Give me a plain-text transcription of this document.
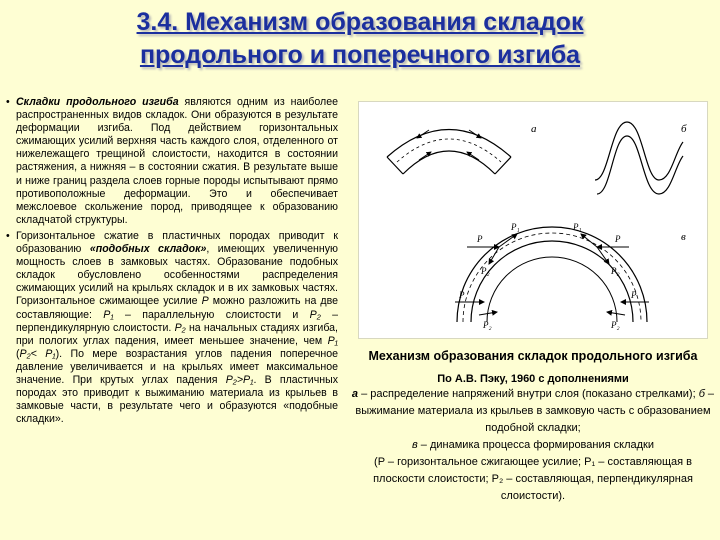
3.4. Механизм образования складок
продольного и поперечного изгиба
• Складки продольного изгиба являются одним из наиболее распространенных видов складок. Они образуются в результате деформации изгиба. Под действием горизонтальных сжимающих усилий верхняя часть каждого слоя, отделенного от нижележащего трещиной слоистости, находится в состоянии растяжения, а нижняя – в состоянии сжатия. В результате выше и ниже границ раздела слоев горные породы испытывают прямо противоположные деформации. Это и обеспечивает межслоевое скольжение пород, приводящее к образованию складчатой структуры.
• Горизонтальное сжатие в пластичных породах приводит к образованию «подобных складок», имеющих увеличенную мощность слоев в замковых частях. Образование подобных складок обусловлено особенностями распределения сжимающих усилий на крыльях складок и в их замковых частях. Горизонтальное сжимающее усилие P можно разложить на две составляющие: P₁ – параллельную слоистости и P₂ – перпендикулярную слоистости. P₂ на начальных стадиях изгиба, при пологих углах падения, имеет меньшее значение, чем P₁ (P₂< P₁). По мере возрастания углов падения поперечное давление увеличивается и на крыльях имеет максимальное значение. При крутых углах падения P₂>P₁. В пластичных породах это приводит к выжиманию материала из крыльев в замковые части, в результате чего и образуются «подобные складки».
а	б
P
P₁
P₂
P
P₁
P₂
P	P
P₂	P₂
в
Механизм образования складок продольного изгиба
По А.В. Пэку, 1960 с дополнениями
а – распределение напряжений внутри слоя (показано стрелками); б – выжимание материала из крыльев в замковую часть с образованием подобной складки;
в – динамика процесса формирования складки
(P – горизонтальное сжигающее усилие; P₁ – составляющая в плоскости слоистости; P₂ – составляющая, перпендикулярная слоистости).
